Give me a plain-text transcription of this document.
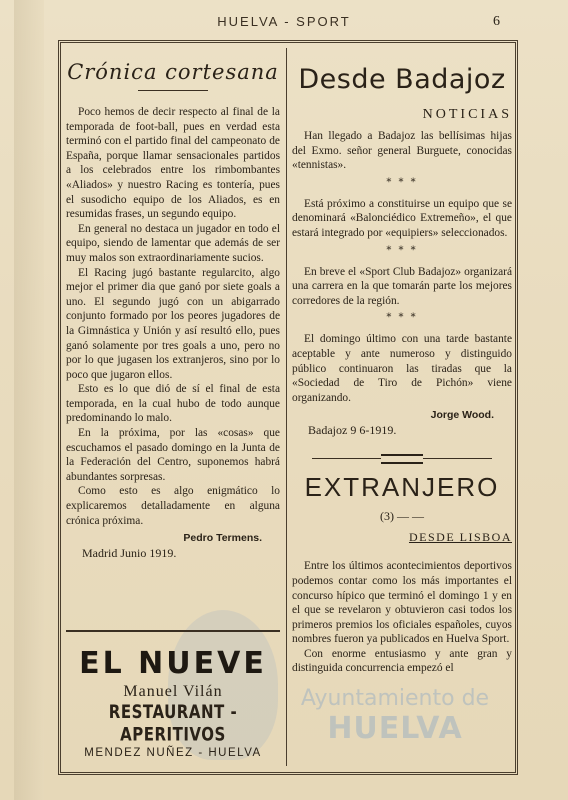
HUELVA - SPORT	6
Crónica cortesana

Poco hemos de decir respecto al final de la temporada de foot-ball, pues en verdad esta terminó con el partido final del campeonato de España, porque llamar sensacionales partidos a los celebrados entre los rimbombantes «Aliados» y nuestro Racing es tontería, pues el susodicho equipo de los Aliados, es en resumidas frases, un segundo equipo.

En general no destaca un jugador en todo el equipo, siendo de lamentar que además de ser muy malos son extraordinariamente sucios.

El Racing jugó bastante regularcito, algo mejor el primer dia que ganó por siete goals a uno. El segundo jugó con un abigarrado conjunto formado por los peores jugadores de la Gimnástica y Unión y así resultó ello, pues ganó solamente por tres goals a uno, pero no por lo que jugasen los extranjeros, sino por lo poco que jugaron ellos.

Esto es lo que dió de sí el final de esta temporada, en la cual hubo de todo aunque predominando lo malo.

En la próxima, por las «cosas» que escuchamos el pasado domingo en la Junta de la Federación del Centro, suponemos habrá abundantes sorpresas.

Como esto es algo enigmático lo explicaremos detalladamente en alguna crónica próxima.

Pedro Termens.
Madrid Junio 1919.
EL NUEVE
Manuel Vilán
RESTAURANT - APERITIVOS
MENDEZ NUÑEZ - HUELVA
Desde Badajoz
NOTICIAS

Han llegado a Badajoz las bellísimas hijas del Exmo. señor general Burguete, conocidas «tennistas».

* * *

Está próximo a constituirse un equipo que se denominará «Balonciédico Extremeño», el que estará integrado por «equipiers» seleccionados.

* * *

En breve el «Sport Club Badajoz» organizará una carrera en la que tomarán parte los mejores corredores de la región.

* * *

El domingo último con una tarde bastante aceptable y ante numeroso y distinguido público continuaron las tiradas que la «Sociedad de Tiro de Pichón» viene organizando.

Jorge Wood.
Badajoz 9 6-1919.
EXTRANJERO
(3) — —
DESDE LISBOA

Entre los últimos acontecimientos deportivos podemos contar como los más importantes el concurso hípico que terminó el domingo 1 y en el que se revelaron y obtuvieron casi todos los primeros premios los oficiales españoles, cuyos nombres fueron ya publicados en Huelva Sport.

Con enorme entusiasmo y ante gran y distinguida concurrencia empezó el

Ayuntamiento de
HUELVA
